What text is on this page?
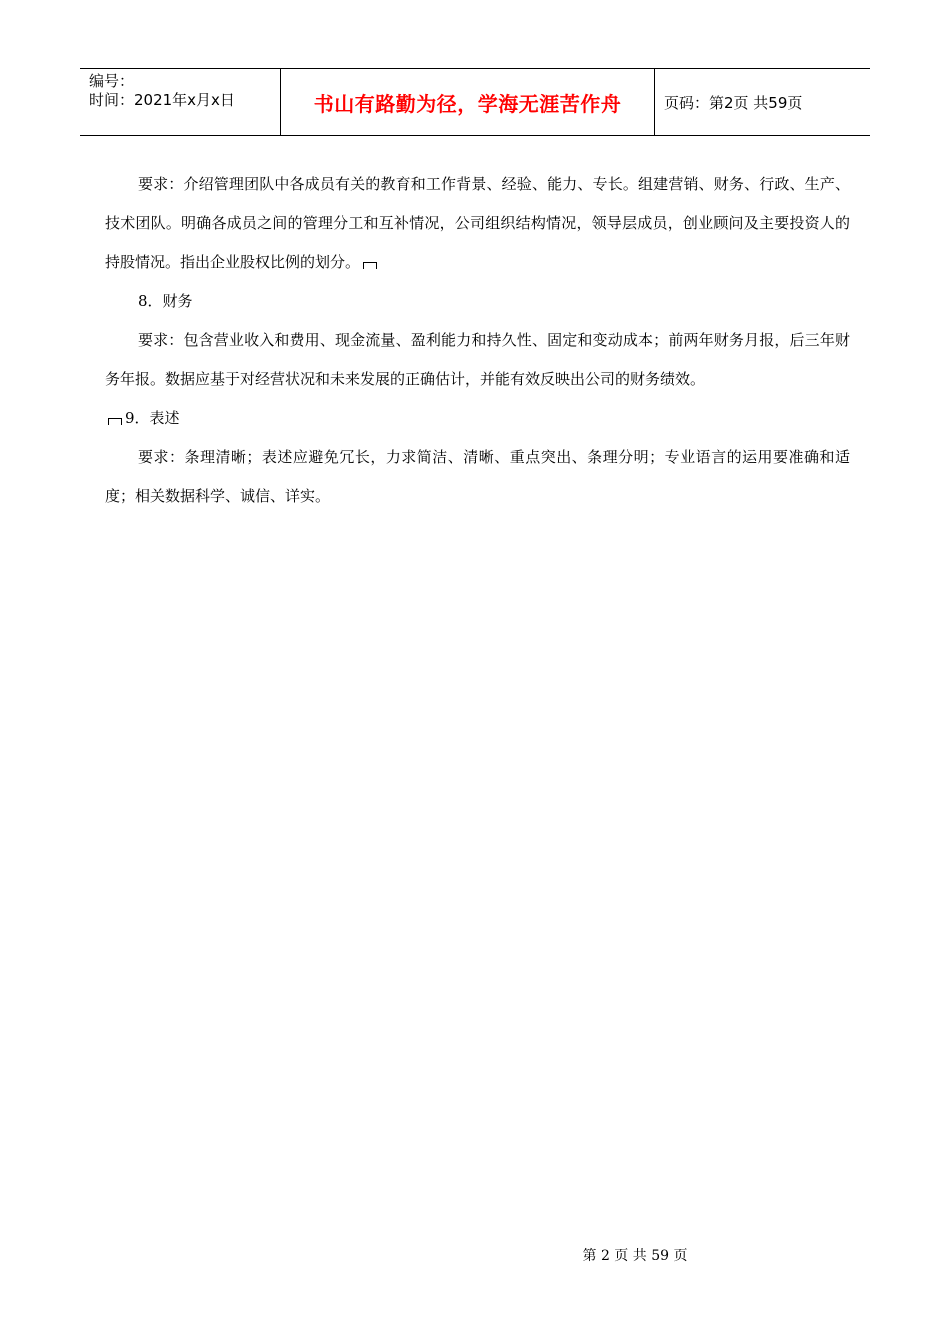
编号：
时间：2021年x月x日	书山有路勤为径，学海无涯苦作舟	页码：第2页 共59页

要求：介绍管理团队中各成员有关的教育和工作背景、经验、能力、专长。组建营销、财务、行政、生产、技术团队。明确各成员之间的管理分工和互补情况，公司组织结构情况，领导层成员，创业顾问及主要投资人的持股情况。指出企业股权比例的划分。

8．财务

要求：包含营业收入和费用、现金流量、盈利能力和持久性、固定和变动成本；前两年财务月报，后三年财务年报。数据应基于对经营状况和未来发展的正确估计，并能有效反映出公司的财务绩效。

9．表述

要求：条理清晰；表述应避免冗长，力求简洁、清晰、重点突出、条理分明；专业语言的运用要准确和适度；相关数据科学、诚信、详实。

第 2 页 共 59 页
